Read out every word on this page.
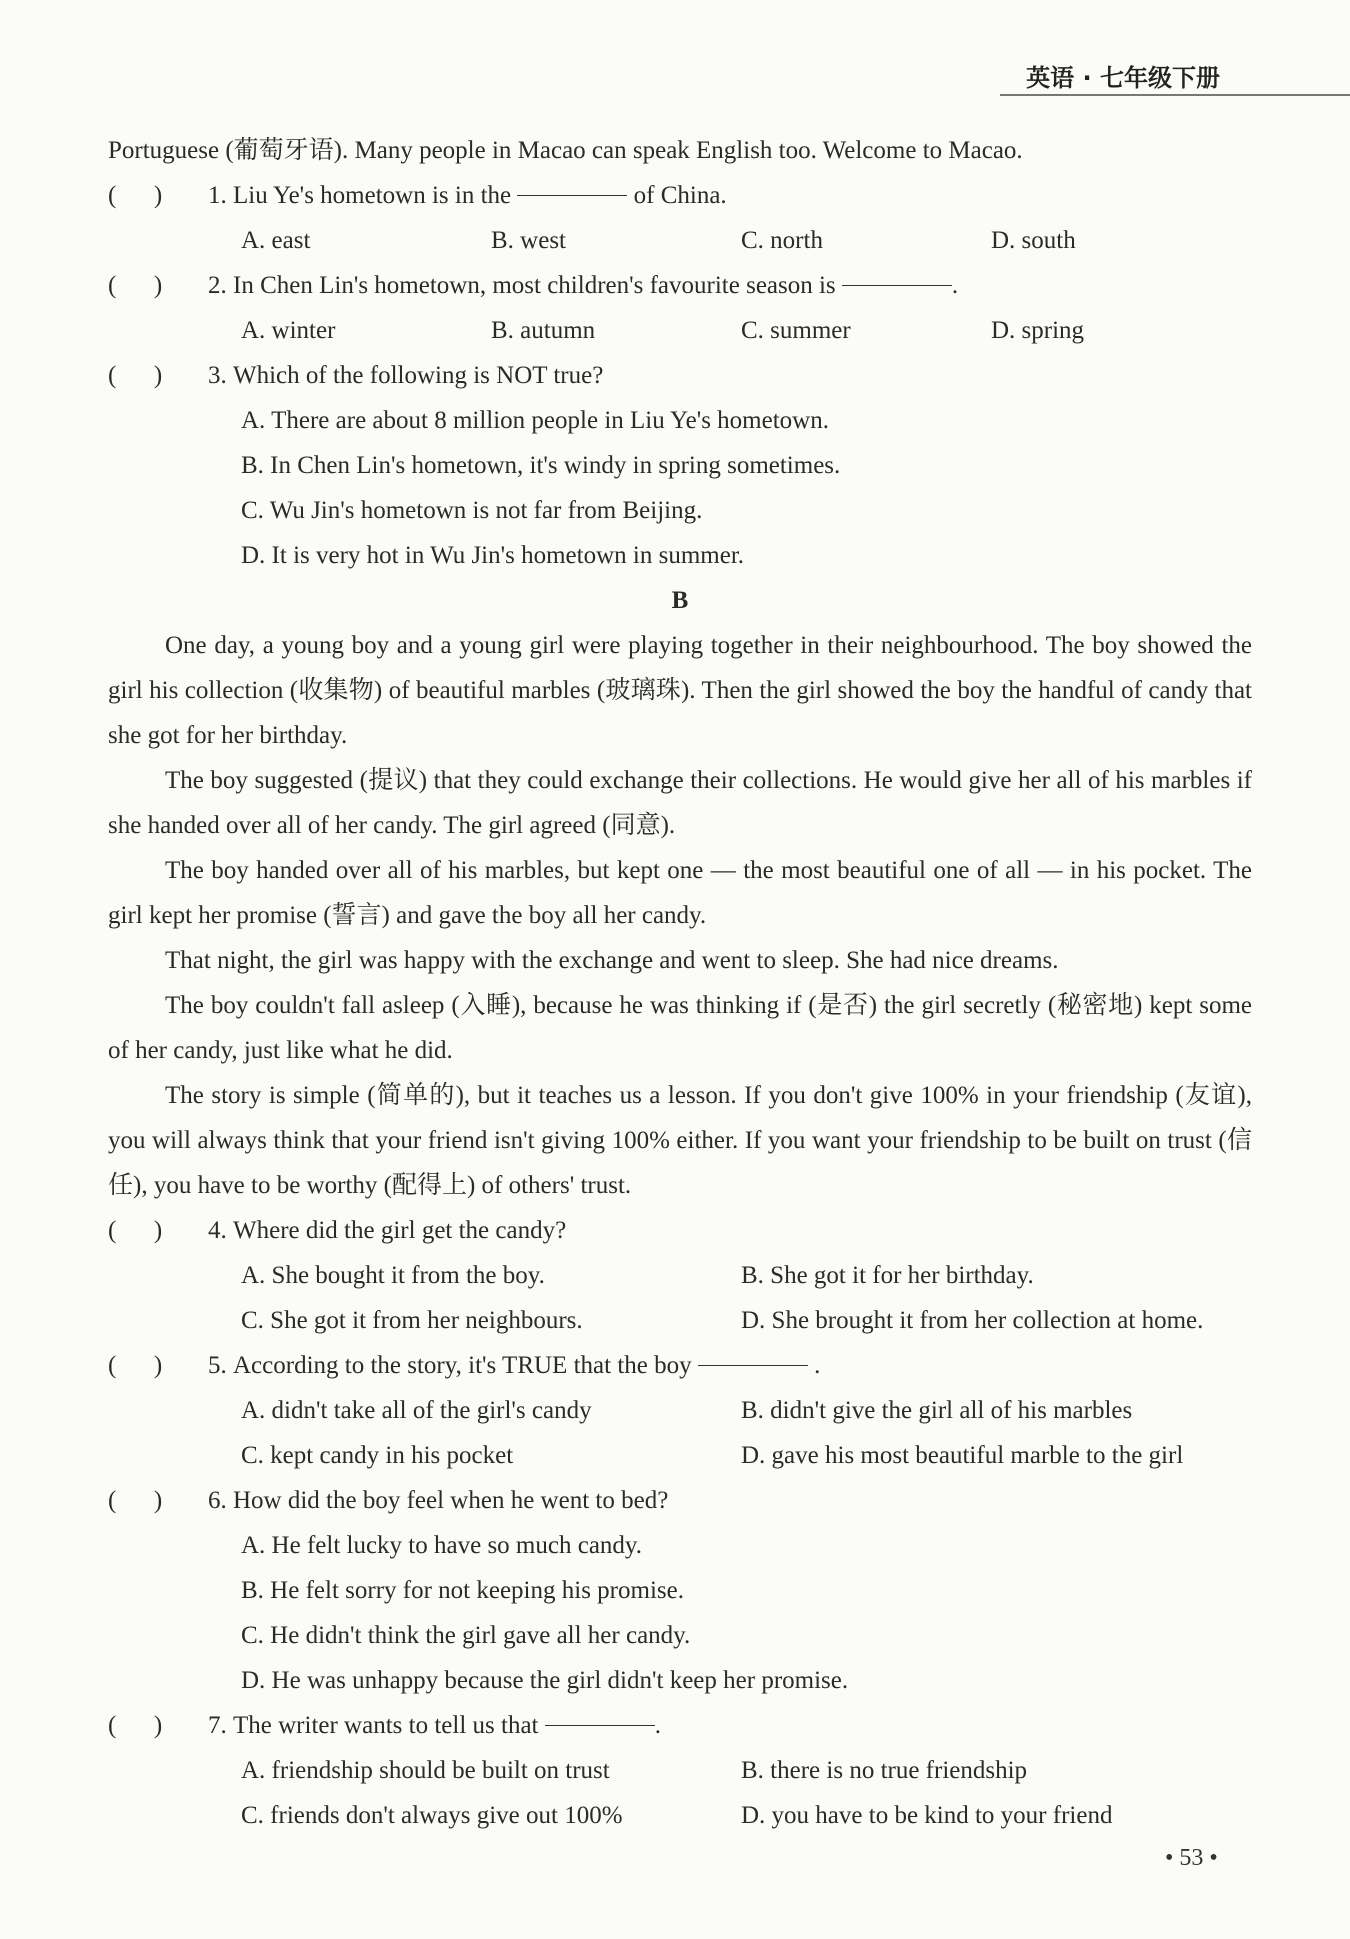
英语 · 七年级下册

Portuguese (葡萄牙语). Many people in Macao can speak English too. Welcome to Macao.

(      )	1.
Liu Ye's hometown is in the

	of China.
A. east	B. west	C. north	D. south
(      )	2.
In Chen Lin's hometown, most children's favourite season is
	.
A. winter	B. autumn	C. summer	D. spring
(      )	3.
Which of the following is NOT true?
A. There are about 8 million people in Liu Ye's hometown.
B. In Chen Lin's hometown, it's windy in spring sometimes.
C. Wu Jin's hometown is not far from Beijing.
D. It is very hot in Wu Jin's hometown in summer.
B

One day, a young boy and a young girl were playing together in their neighbourhood. The boy showed the girl his collection (收集物) of beautiful marbles (玻璃珠). Then the girl showed the boy the handful of candy that she got for her birthday.

The boy suggested (提议) that they could exchange their collections. He would give her all of his marbles if she handed over all of her candy. The girl agreed (同意).

The boy handed over all of his marbles, but kept one — the most beautiful one of all — in his pocket. The girl kept her promise (誓言) and gave the boy all her candy.

That night, the girl was happy with the exchange and went to sleep. She had nice dreams.

The boy couldn't fall asleep (入睡), because he was thinking if (是否) the girl secretly (秘密地) kept some of her candy, just like what he did.

The story is simple (简单的), but it teaches us a lesson. If you don't give 100% in your friendship (友谊), you will always think that your friend isn't giving 100% either. If you want your friendship to be built on trust (信任), you have to be worthy (配得上) of others' trust.

(      )	4.
Where did the girl get the candy?
A. She bought it from the boy.	B. She got it for her birthday.
C. She got it from her neighbours.	D. She brought it from her collection at home.
(      )	5.
According to the story, it's TRUE that the boy

	.
A. didn't take all of the girl's candy	B. didn't give the girl all of his marbles
C. kept candy in his pocket	D. gave his most beautiful marble to the girl
(      )	6.
How did the boy feel when he went to bed?
A. He felt lucky to have so much candy.
B. He felt sorry for not keeping his promise.
C. He didn't think the girl gave all her candy.
D. He was unhappy because the girl didn't keep her promise.
(      )	7.
The writer wants to tell us that
	.
A. friendship should be built on trust	B. there is no true friendship
C. friends don't always give out 100%	D. you have to be kind to your friend
• 53 •
